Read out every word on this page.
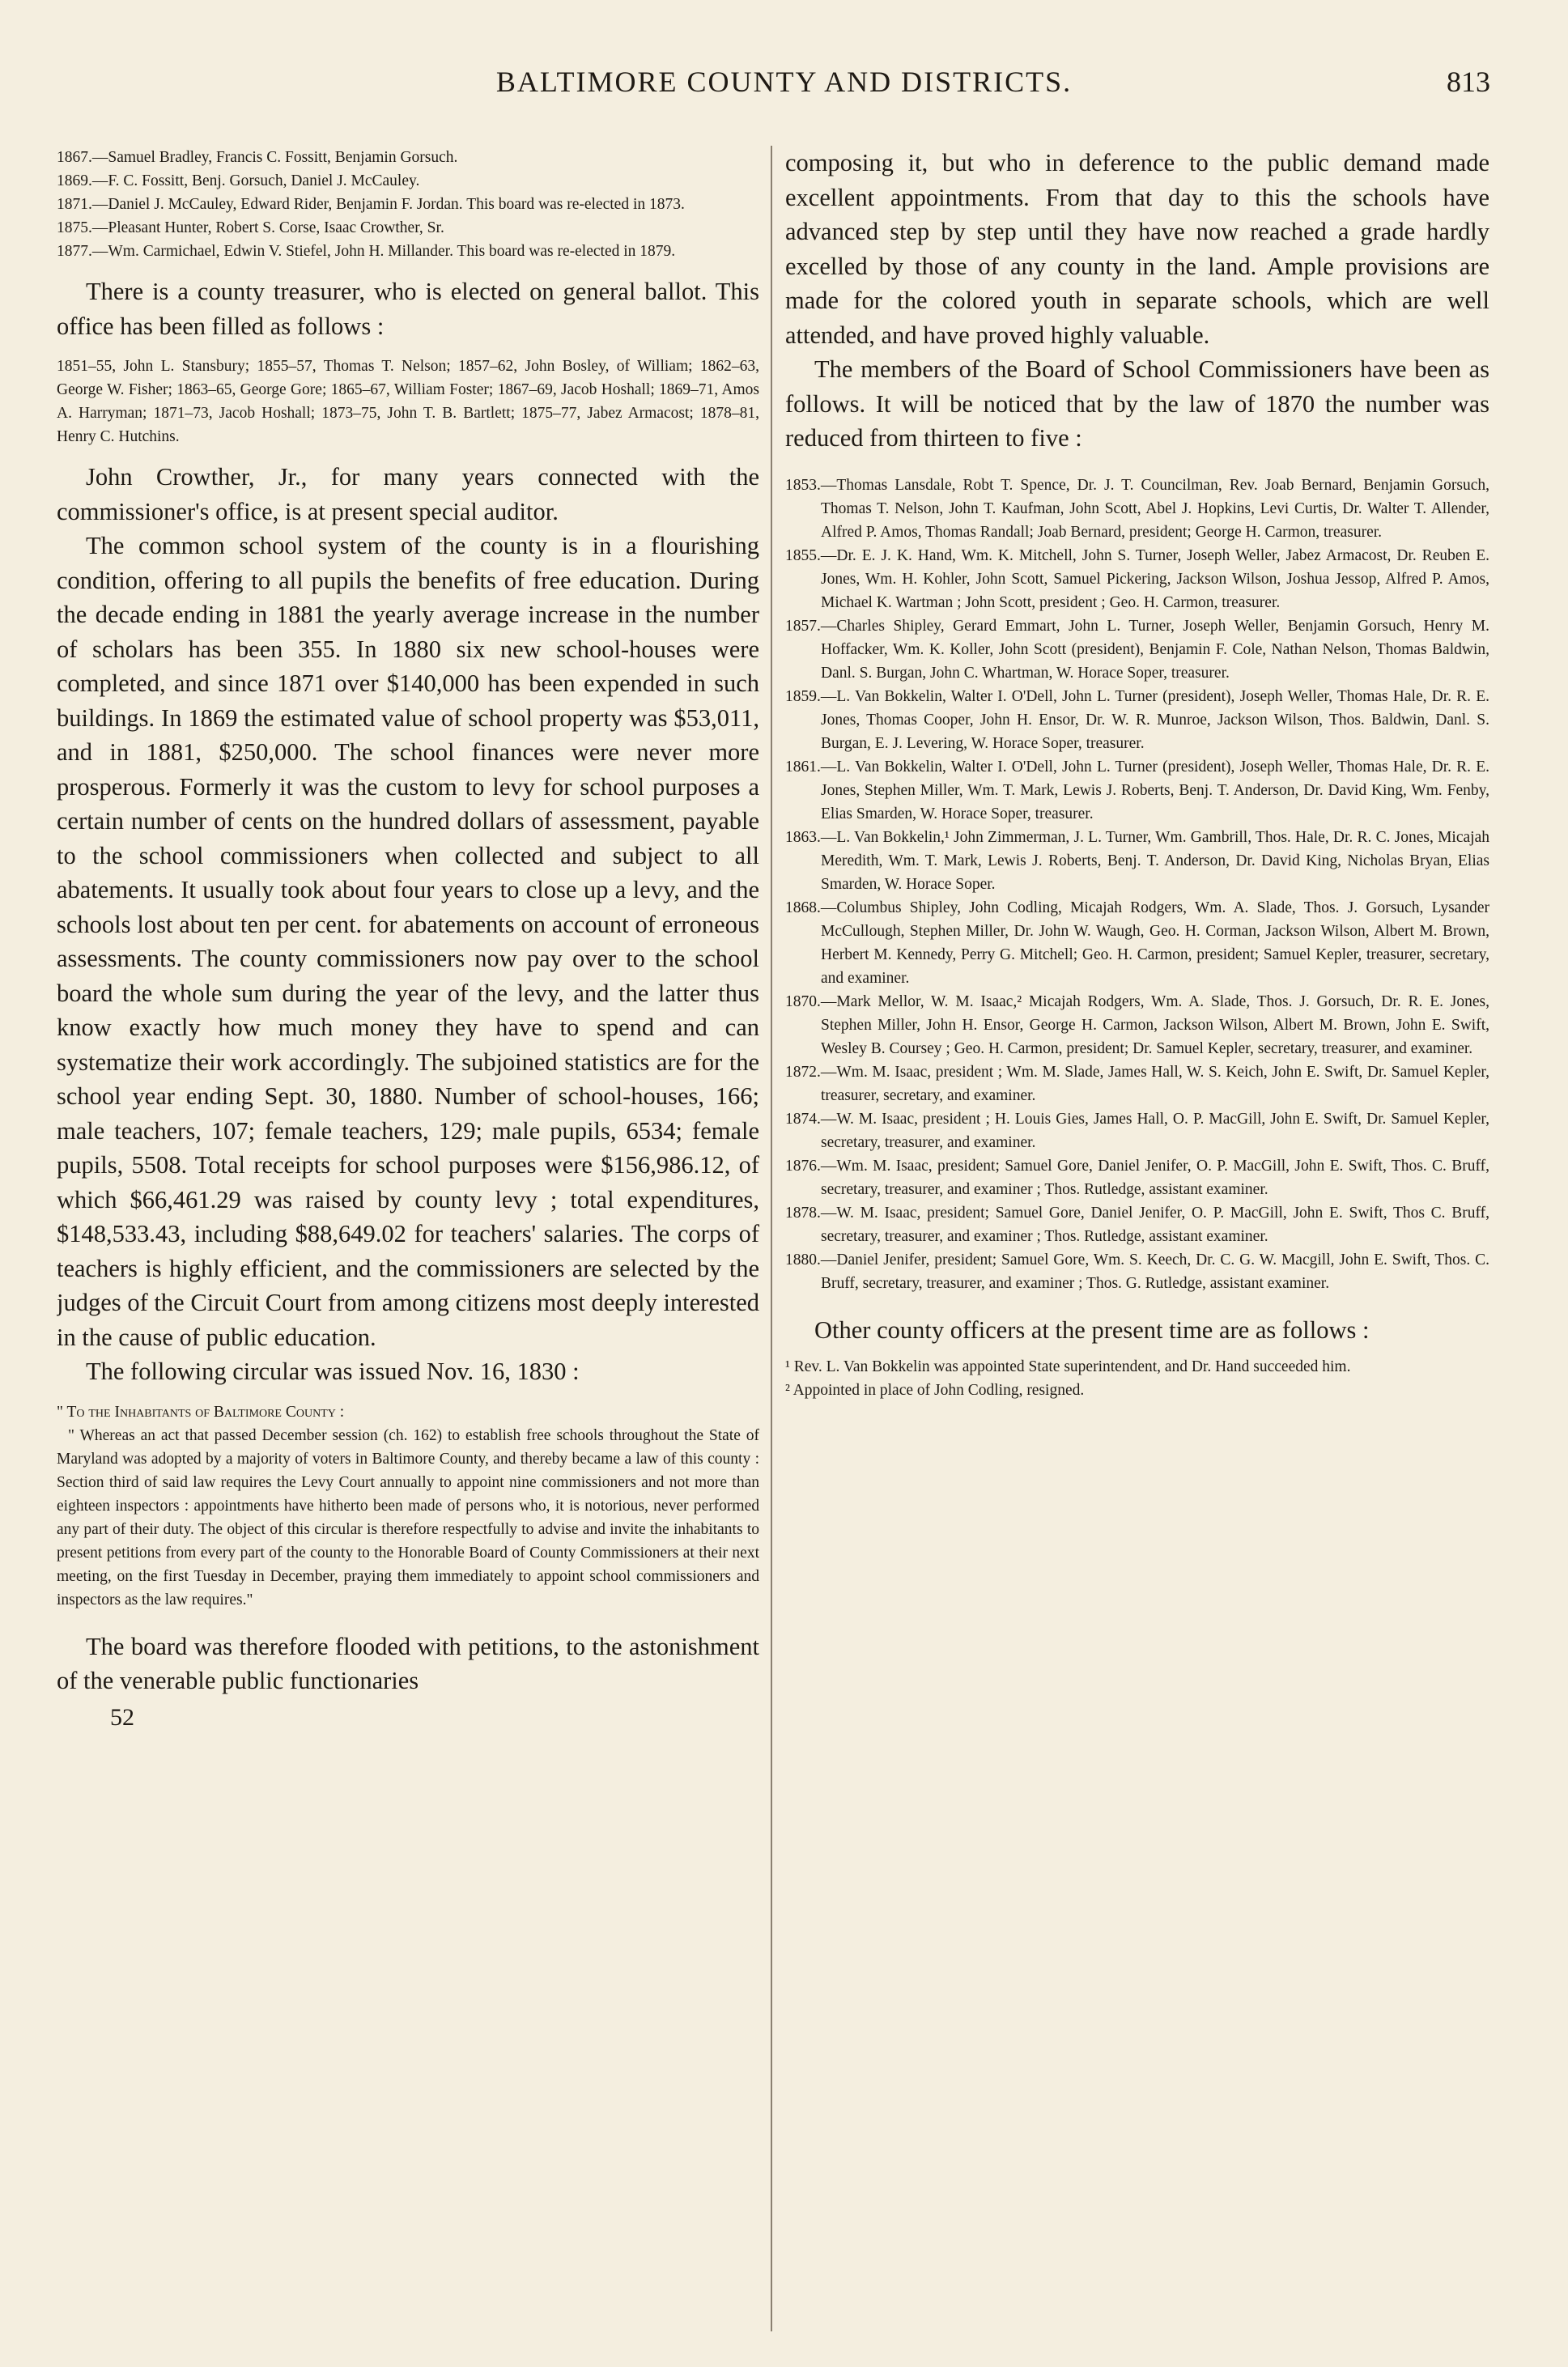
BALTIMORE COUNTY AND DISTRICTS.	813
1867.—Samuel Bradley, Francis C. Fossitt, Benjamin Gorsuch.
1869.—F. C. Fossitt, Benj. Gorsuch, Daniel J. McCauley.
1871.—Daniel J. McCauley, Edward Rider, Benjamin F. Jordan. This board was re-elected in 1873.
1875.—Pleasant Hunter, Robert S. Corse, Isaac Crowther, Sr.
1877.—Wm. Carmichael, Edwin V. Stiefel, John H. Millander. This board was re-elected in 1879.

There is a county treasurer, who is elected on general ballot. This office has been filled as follows :

1851–55, John L. Stansbury; 1855–57, Thomas T. Nelson; 1857–62, John Bosley, of William; 1862–63, George W. Fisher; 1863–65, George Gore; 1865–67, William Foster; 1867–69, Jacob Hoshall; 1869–71, Amos A. Harryman; 1871–73, Jacob Hoshall; 1873–75, John T. B. Bartlett; 1875–77, Jabez Armacost; 1878–81, Henry C. Hutchins.

John Crowther, Jr., for many years connected with the commissioner's office, is at present special auditor.

The common school system of the county is in a flourishing condition, offering to all pupils the benefits of free education. During the decade ending in 1881 the yearly average increase in the number of scholars has been 355. In 1880 six new school-houses were completed, and since 1871 over $140,000 has been expended in such buildings. In 1869 the estimated value of school property was $53,011, and in 1881, $250,000. The school finances were never more prosperous. Formerly it was the custom to levy for school purposes a certain number of cents on the hundred dollars of assessment, payable to the school commissioners when collected and subject to all abatements. It usually took about four years to close up a levy, and the schools lost about ten per cent. for abatements on account of erroneous assessments. The county commissioners now pay over to the school board the whole sum during the year of the levy, and the latter thus know exactly how much money they have to spend and can systematize their work accordingly. The subjoined statistics are for the school year ending Sept. 30, 1880. Number of school-houses, 166; male teachers, 107; female teachers, 129; male pupils, 6534; female pupils, 5508. Total receipts for school purposes were $156,986.12, of which $66,461.29 was raised by county levy ; total expenditures, $148,533.43, including $88,649.02 for teachers' salaries. The corps of teachers is highly efficient, and the commissioners are selected by the judges of the Circuit Court from among citizens most deeply interested in the cause of public education.

The following circular was issued Nov. 16, 1830 :

" To the Inhabitants of Baltimore County :

" Whereas an act that passed December session (ch. 162) to establish free schools throughout the State of Maryland was adopted by a majority of voters in Baltimore County, and thereby became a law of this county : Section third of said law requires the Levy Court annually to appoint nine commissioners and not more than eighteen inspectors : appointments have hitherto been made of persons who, it is notorious, never performed any part of their duty. The object of this circular is therefore respectfully to advise and invite the inhabitants to present petitions from every part of the county to the Honorable Board of County Commissioners at their next meeting, on the first Tuesday in December, praying them immediately to appoint school commissioners and inspectors as the law requires."

The board was therefore flooded with petitions, to the astonishment of the venerable public functionaries

52

composing it, but who in deference to the public demand made excellent appointments. From that day to this the schools have advanced step by step until they have now reached a grade hardly excelled by those of any county in the land. Ample provisions are made for the colored youth in separate schools, which are well attended, and have proved highly valuable.

The members of the Board of School Commissioners have been as follows. It will be noticed that by the law of 1870 the number was reduced from thirteen to five :

1853.—Thomas Lansdale, Robt T. Spence, Dr. J. T. Councilman, Rev. Joab Bernard, Benjamin Gorsuch, Thomas T. Nelson, John T. Kaufman, John Scott, Abel J. Hopkins, Levi Curtis, Dr. Walter T. Allender, Alfred P. Amos, Thomas Randall; Joab Bernard, president; George H. Carmon, treasurer.
1855.—Dr. E. J. K. Hand, Wm. K. Mitchell, John S. Turner, Joseph Weller, Jabez Armacost, Dr. Reuben E. Jones, Wm. H. Kohler, John Scott, Samuel Pickering, Jackson Wilson, Joshua Jessop, Alfred P. Amos, Michael K. Wartman ; John Scott, president ; Geo. H. Carmon, treasurer.
1857.—Charles Shipley, Gerard Emmart, John L. Turner, Joseph Weller, Benjamin Gorsuch, Henry M. Hoffacker, Wm. K. Koller, John Scott (president), Benjamin F. Cole, Nathan Nelson, Thomas Baldwin, Danl. S. Burgan, John C. Whartman, W. Horace Soper, treasurer.
1859.—L. Van Bokkelin, Walter I. O'Dell, John L. Turner (president), Joseph Weller, Thomas Hale, Dr. R. E. Jones, Thomas Cooper, John H. Ensor, Dr. W. R. Munroe, Jackson Wilson, Thos. Baldwin, Danl. S. Burgan, E. J. Levering, W. Horace Soper, treasurer.
1861.—L. Van Bokkelin, Walter I. O'Dell, John L. Turner (president), Joseph Weller, Thomas Hale, Dr. R. E. Jones, Stephen Miller, Wm. T. Mark, Lewis J. Roberts, Benj. T. Anderson, Dr. David King, Wm. Fenby, Elias Smarden, W. Horace Soper, treasurer.
1863.—L. Van Bokkelin,¹ John Zimmerman, J. L. Turner, Wm. Gambrill, Thos. Hale, Dr. R. C. Jones, Micajah Meredith, Wm. T. Mark, Lewis J. Roberts, Benj. T. Anderson, Dr. David King, Nicholas Bryan, Elias Smarden, W. Horace Soper.
1868.—Columbus Shipley, John Codling, Micajah Rodgers, Wm. A. Slade, Thos. J. Gorsuch, Lysander McCullough, Stephen Miller, Dr. John W. Waugh, Geo. H. Corman, Jackson Wilson, Albert M. Brown, Herbert M. Kennedy, Perry G. Mitchell; Geo. H. Carmon, president; Samuel Kepler, treasurer, secretary, and examiner.
1870.—Mark Mellor, W. M. Isaac,² Micajah Rodgers, Wm. A. Slade, Thos. J. Gorsuch, Dr. R. E. Jones, Stephen Miller, John H. Ensor, George H. Carmon, Jackson Wilson, Albert M. Brown, John E. Swift, Wesley B. Coursey ; Geo. H. Carmon, president; Dr. Samuel Kepler, secretary, treasurer, and examiner.
1872.—Wm. M. Isaac, president ; Wm. M. Slade, James Hall, W. S. Keich, John E. Swift, Dr. Samuel Kepler, treasurer, secretary, and examiner.
1874.—W. M. Isaac, president ; H. Louis Gies, James Hall, O. P. MacGill, John E. Swift, Dr. Samuel Kepler, secretary, treasurer, and examiner.
1876.—Wm. M. Isaac, president; Samuel Gore, Daniel Jenifer, O. P. MacGill, John E. Swift, Thos. C. Bruff, secretary, treasurer, and examiner ; Thos. Rutledge, assistant examiner.
1878.—W. M. Isaac, president; Samuel Gore, Daniel Jenifer, O. P. MacGill, John E. Swift, Thos C. Bruff, secretary, treasurer, and examiner ; Thos. Rutledge, assistant examiner.
1880.—Daniel Jenifer, president; Samuel Gore, Wm. S. Keech, Dr. C. G. W. Macgill, John E. Swift, Thos. C. Bruff, secretary, treasurer, and examiner ; Thos. G. Rutledge, assistant examiner.

Other county officers at the present time are as follows :

¹ Rev. L. Van Bokkelin was appointed State superintendent, and Dr. Hand succeeded him.

² Appointed in place of John Codling, resigned.
